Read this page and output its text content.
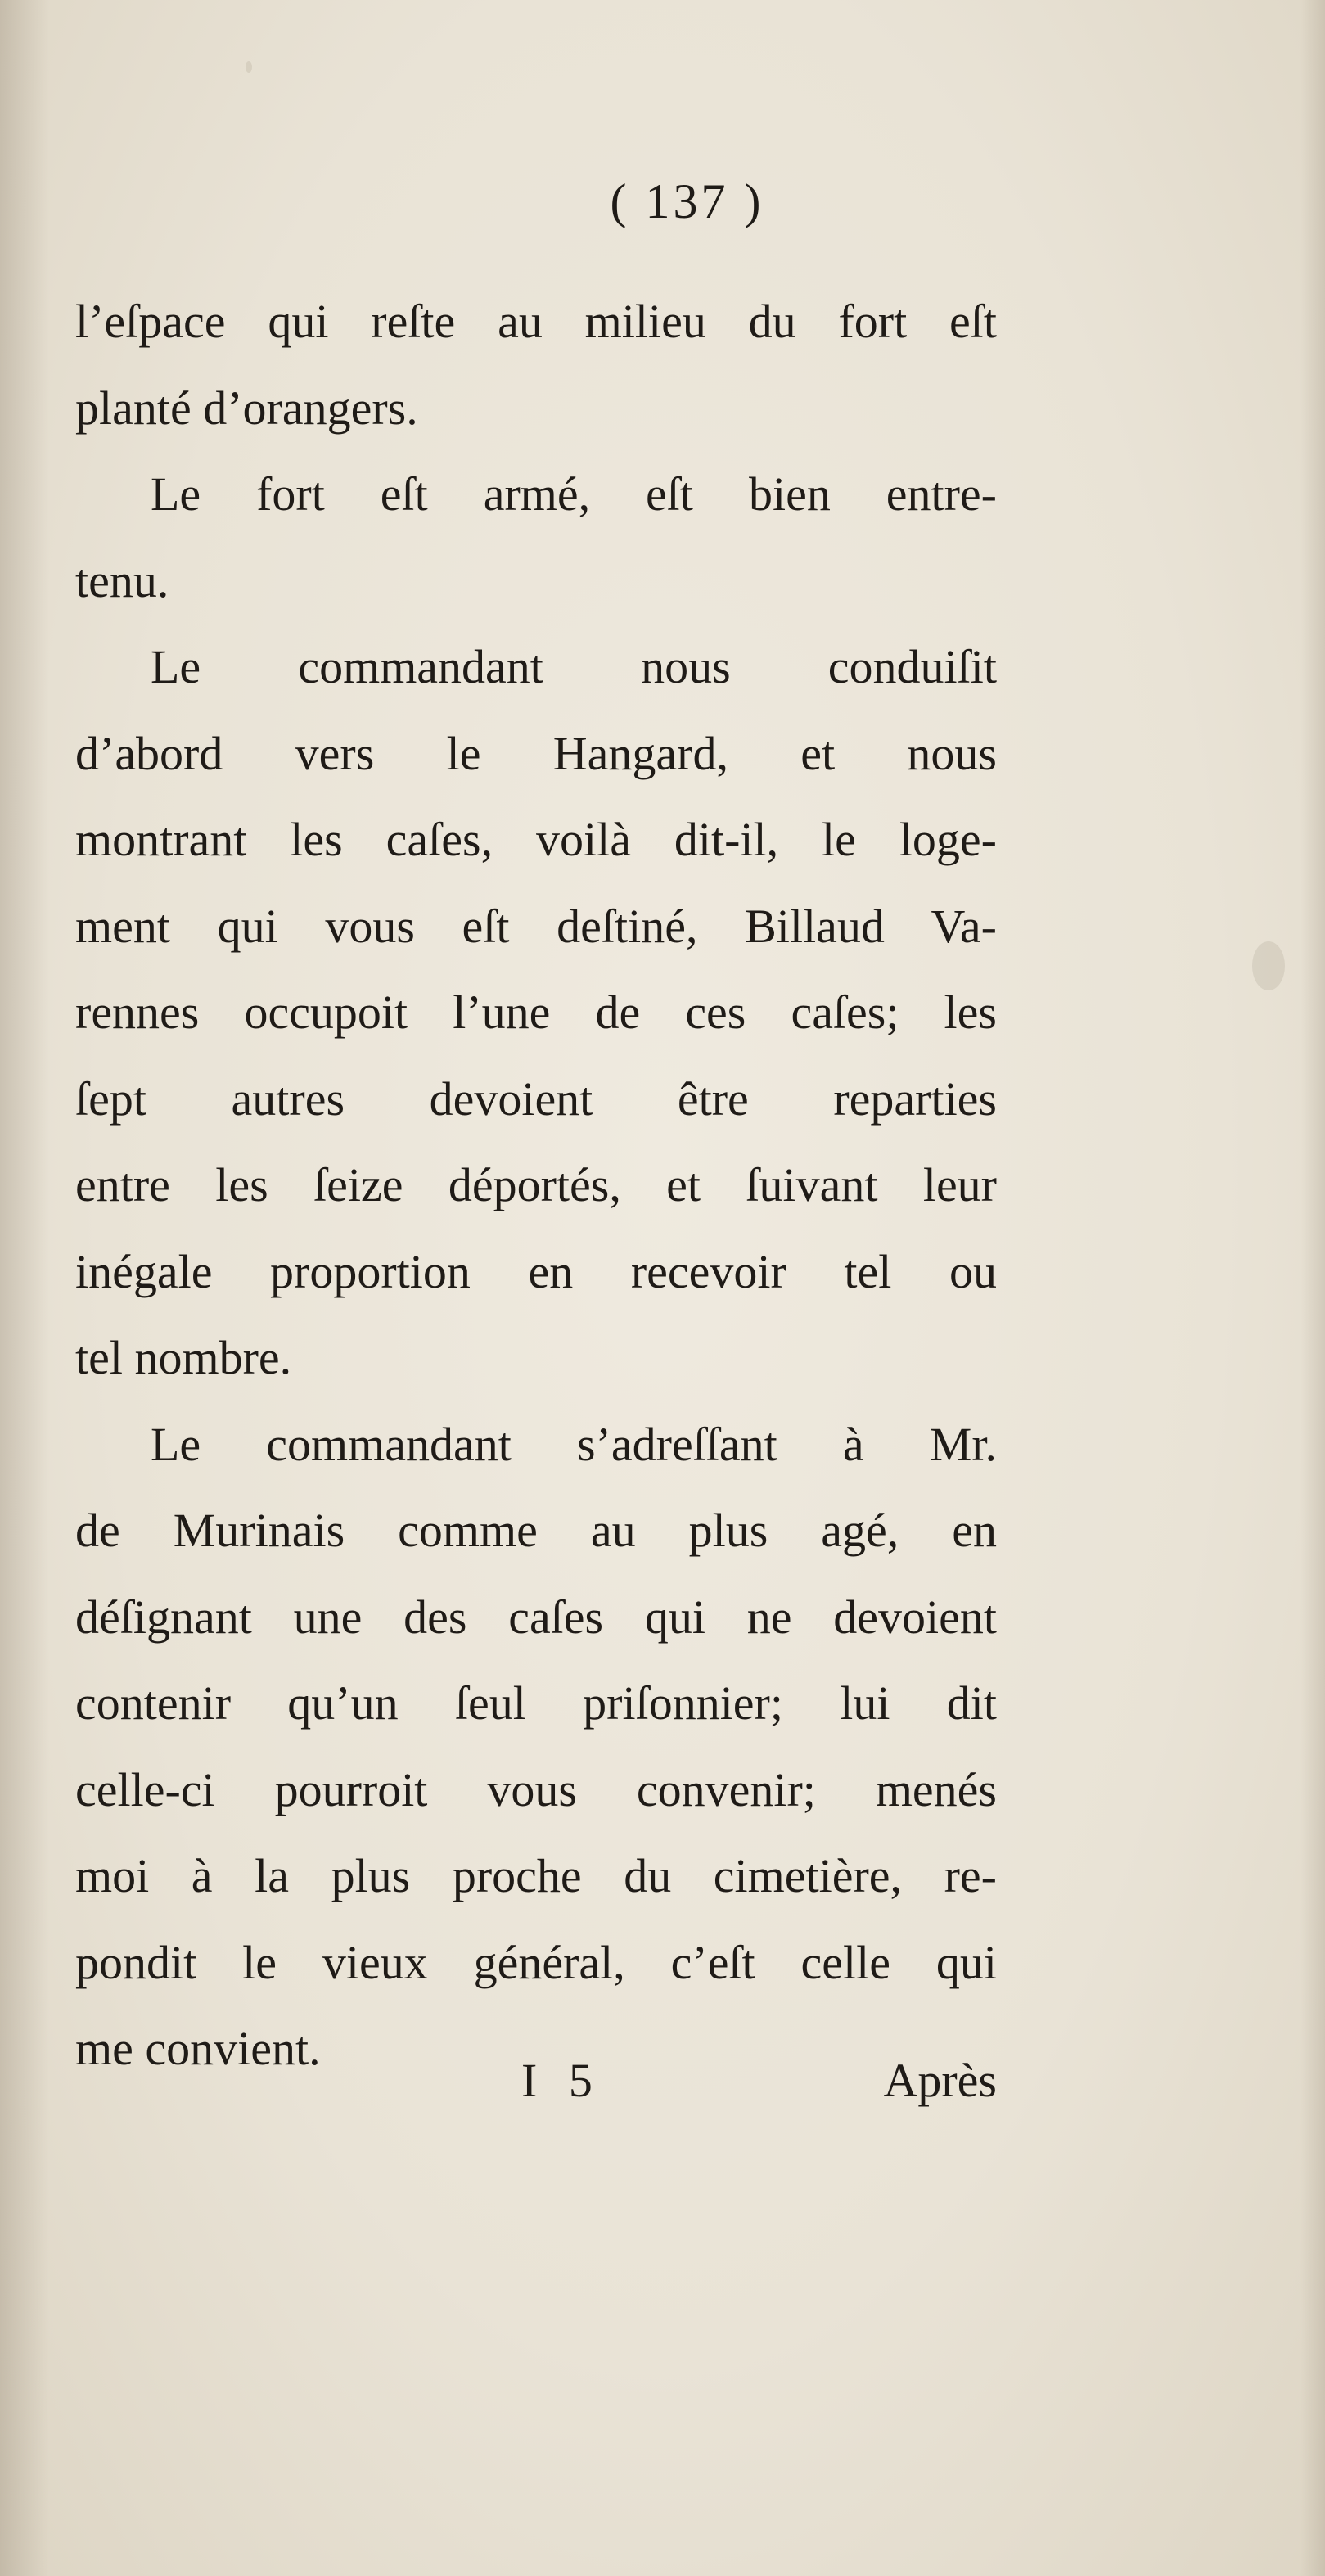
( 137 )
l’eſpace qui reſte au milieu du fort eſt
planté d’orangers.
Le fort eſt armé, eſt bien entre-
tenu.
Le commandant nous conduiſit
d’abord vers le Hangard, et nous
montrant les caſes, voilà dit-il, le loge-
ment qui vous eſt deſtiné, Billaud Va-
rennes occupoit l’une de ces caſes; les
ſept autres devoient être reparties
entre les ſeize déportés, et ſuivant leur
inégale proportion en recevoir tel ou
tel nombre.
Le commandant s’adreſſant à Mr.
de Murinais comme au plus agé, en
déſignant une des caſes qui ne devoient
contenir qu’un ſeul priſonnier; lui dit
celle-ci pourroit vous convenir; menés
moi à la plus proche du cimetière, re-
pondit le vieux général, c’eſt celle qui
me convient.
I 5	Après
